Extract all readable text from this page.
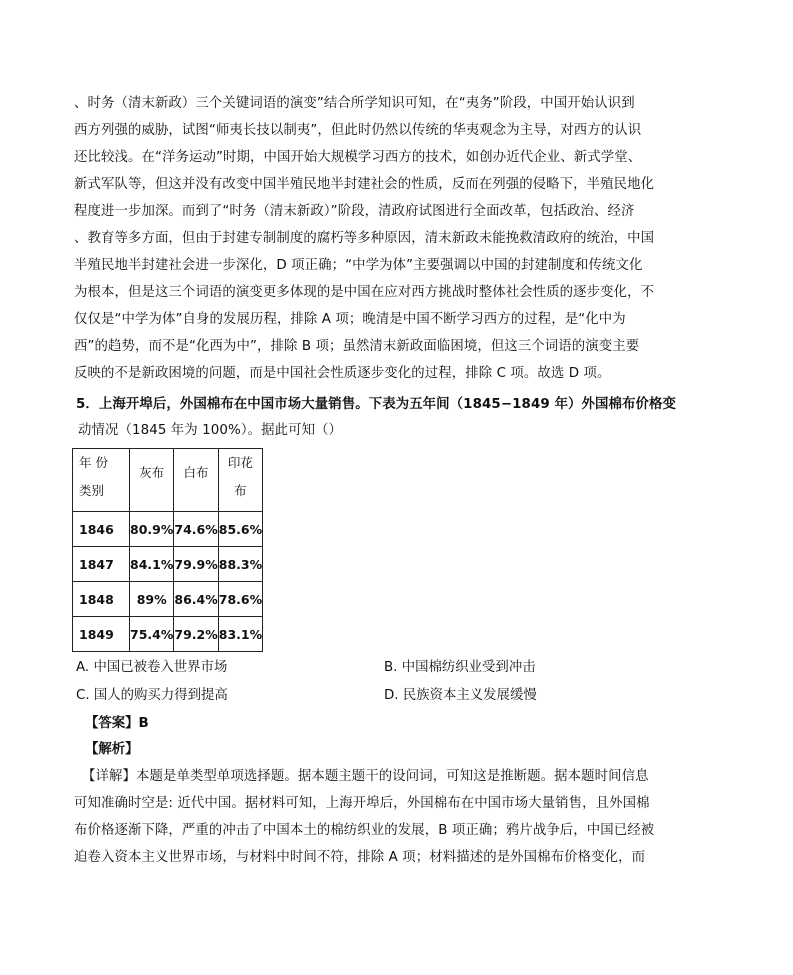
、时务（清末新政）三个关键词语的演变”结合所学知识可知，在“夷务”阶段，中国开始认识到
西方列强的威胁，试图“师夷长技以制夷”，但此时仍然以传统的华夷观念为主导，对西方的认识
还比较浅。在“洋务运动”时期，中国开始大规模学习西方的技术，如创办近代企业、新式学堂、
新式军队等，但这并没有改变中国半殖民地半封建社会的性质，反而在列强的侵略下，半殖民地化
程度进一步加深。而到了“时务（清末新政）”阶段，清政府试图进行全面改革，包括政治、经济
、教育等多方面，但由于封建专制制度的腐朽等多种原因，清末新政未能挽救清政府的统治，中国
半殖民地半封建社会进一步深化，D 项正确；“中学为体”主要强调以中国的封建制度和传统文化
为根本，但是这三个词语的演变更多体现的是中国在应对西方挑战时整体社会性质的逐步变化，不
仅仅是“中学为体”自身的发展历程，排除 A 项；晚清是中国不断学习西方的过程，是“化中为
西”的趋势，而不是“化西为中”，排除 B 项；虽然清末新政面临困境，但这三个词语的演变主要
反映的不是新政困境的问题，而是中国社会性质逐步变化的过程，排除 C 项。故选 D 项。
5．上海开埠后，外国棉布在中国市场大量销售。下表为五年间（1845−1849 年）外国棉布价格变
动情况（1845 年为 100%）。据此可知（）
年 份
类别	灰布	白布	印花
布

1846	80.9%	74.6%	85.6%
1847	84.1%	79.9%	88.3%
1848	89%	86.4%	78.6%
1849	75.4%	79.2%	83.1%
A. 中国已被卷入世界市场	B. 中国棉纺织业受到冲击
C. 国人的购买力得到提高	D. 民族资本主义发展缓慢
【答案】B
【解析】
【详解】本题是单类型单项选择题。据本题主题干的设问词，可知这是推断题。据本题时间信息
可知准确时空是: 近代中国。据材料可知，上海开埠后，外国棉布在中国市场大量销售，且外国棉
布价格逐渐下降，严重的冲击了中国本土的棉纺织业的发展，B 项正确；鸦片战争后，中国已经被
迫卷入资本主义世界市场，与材料中时间不符，排除 A 项；材料描述的是外国棉布价格变化，而
